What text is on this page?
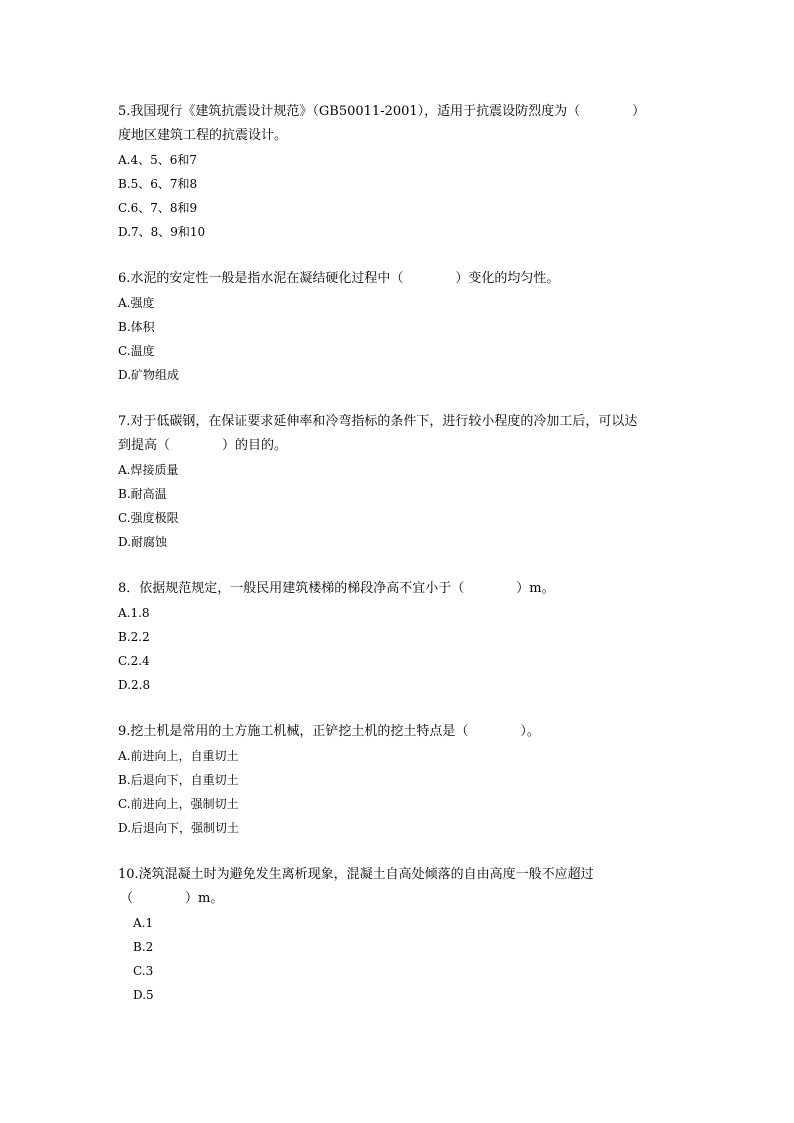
5.我国现行《建筑抗震设计规范》（GB50011-2001），适用于抗震设防烈度为（　　　　）
度地区建筑工程的抗震设计。
A.4、5、6和7
B.5、6、7和8
C.6、7、8和9
D.7、8、9和10
6.水泥的安定性一般是指水泥在凝结硬化过程中（　　　　）变化的均匀性。
A.强度
B.体积
C.温度
D.矿物组成
7.对于低碳钢，在保证要求延伸率和冷弯指标的条件下，进行较小程度的冷加工后，可以达
到提高（　　　　）的目的。
A.焊接质量
B.耐高温
C.强度极限
D.耐腐蚀
8．依据规范规定，一般民用建筑楼梯的梯段净高不宜小于（　　　　）m。
A.1.8
B.2.2
C.2.4
D.2.8
9.挖土机是常用的土方施工机械，正铲挖土机的挖土特点是（　　　　）。
A.前进向上，自重切土
B.后退向下，自重切土
C.前进向上，强制切土
D.后退向下，强制切土
10.浇筑混凝土时为避免发生离析现象，混凝土自高处倾落的自由高度一般不应超过
（　　　　）m。
A.1
B.2
C.3
D.5
